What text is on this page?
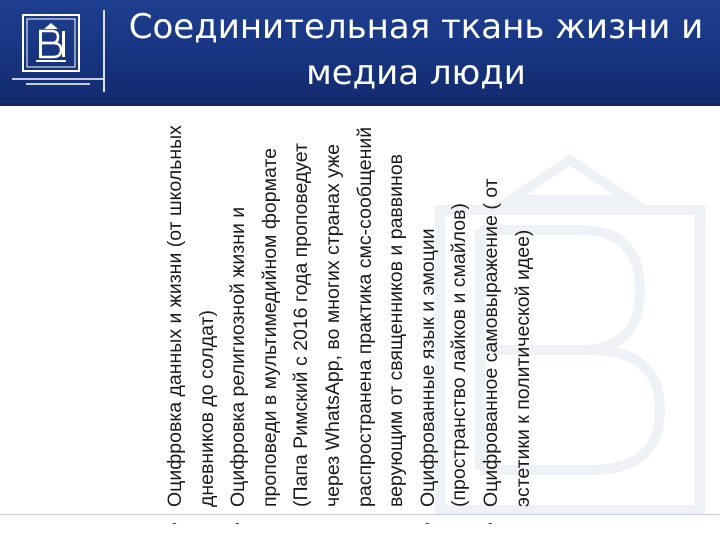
Соединительная ткань жизни и медиа люди
Оцифровка данных и жизни (от школьных дневников до солдат) Оцифровка религиозной жизни и проповеди в мультимедийном формате (Папа Римский с 2016 года проповедует через WhatsApp, во многих странах уже распространена практика смс-сообщений верующим от священников и раввинов Оцифрованные язык и эмоции (пространство лайков и смайлов) Оцифрованное самовыражение ( от эстетики к политической идее)
